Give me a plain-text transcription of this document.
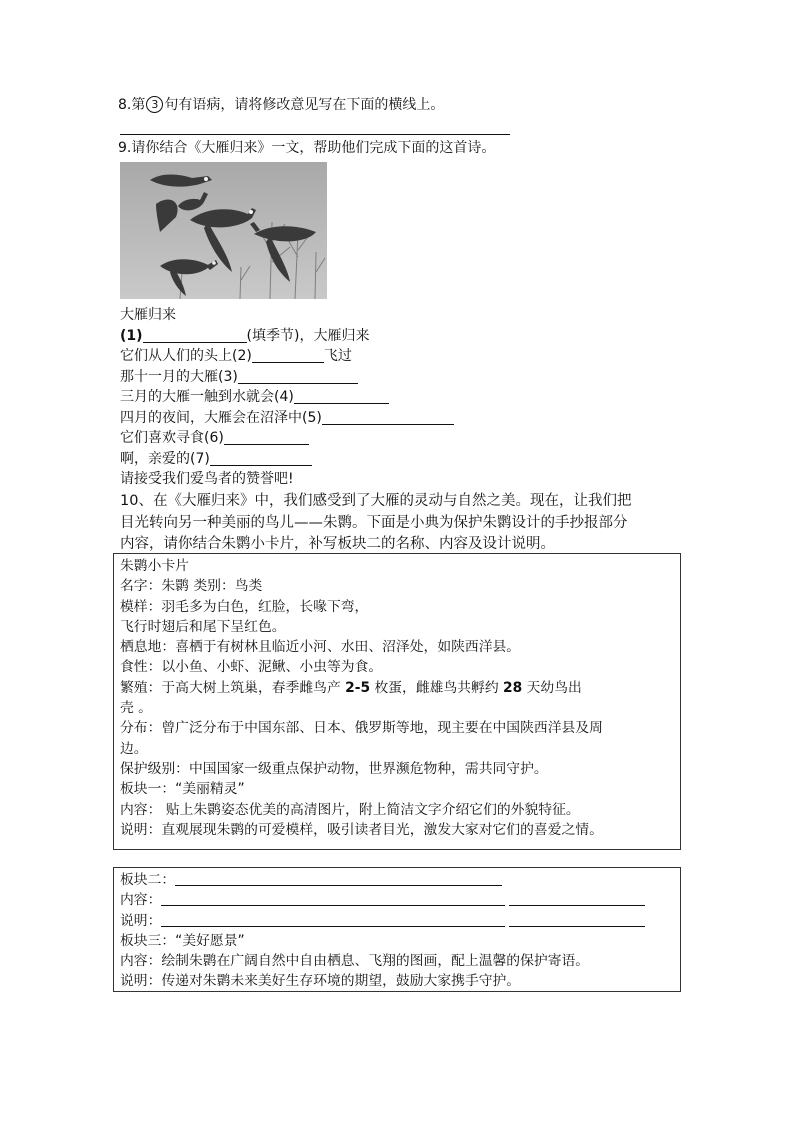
8.第 3 句有语病，请将修改意见写在下面的横线上。
9.请你结合《大雁归来》一文，帮助他们完成下面的这首诗。
大雁归来
(1)	(填季节)，大雁归来
它们从人们的头上(2)	飞过
那十一月的大雁(3)
三月的大雁一触到水就会(4)
四月的夜间，大雁会在沼泽中(5)
它们喜欢寻食(6)
啊，亲爱的(7)
请接受我们爱鸟者的赞誉吧!
10、在《大雁归来》中，我们感受到了大雁的灵动与自然之美。现在，让我们把
目光转向另一种美丽的鸟儿——朱鹮。下面是小典为保护朱鹮设计的手抄报部分
内容，请你结合朱鹮小卡片，补写板块二的名称、内容及设计说明。
朱鹮小卡片
名字：朱鹮 类别：鸟类
模样：羽毛多为白色，红脸，长喙下弯，
飞行时翅后和尾下呈红色。
栖息地：喜栖于有树林且临近小河、水田、沼泽处，如陕西洋县。
食性：以小鱼、小虾、泥鳅、小虫等为食。
繁殖：于高大树上筑巢，春季雌鸟产 2-5 枚蛋，雌雄鸟共孵约 28 天幼鸟出
壳 。
分布：曾广泛分布于中国东部、日本、俄罗斯等地，现主要在中国陕西洋县及周
边。
保护级别：中国国家一级重点保护动物，世界濒危物种，需共同守护。
板块一：“美丽精灵”
内容： 贴上朱鹮姿态优美的高清图片，附上简洁文字介绍它们的外貌特征。
说明：直观展现朱鹮的可爱模样，吸引读者目光，激发大家对它们的喜爱之情。
板块二：
内容：
说明：
板块三：“美好愿景”
内容：绘制朱鹮在广阔自然中自由栖息、飞翔的图画，配上温馨的保护寄语。
说明：传递对朱鹮未来美好生存环境的期望，鼓励大家携手守护。
